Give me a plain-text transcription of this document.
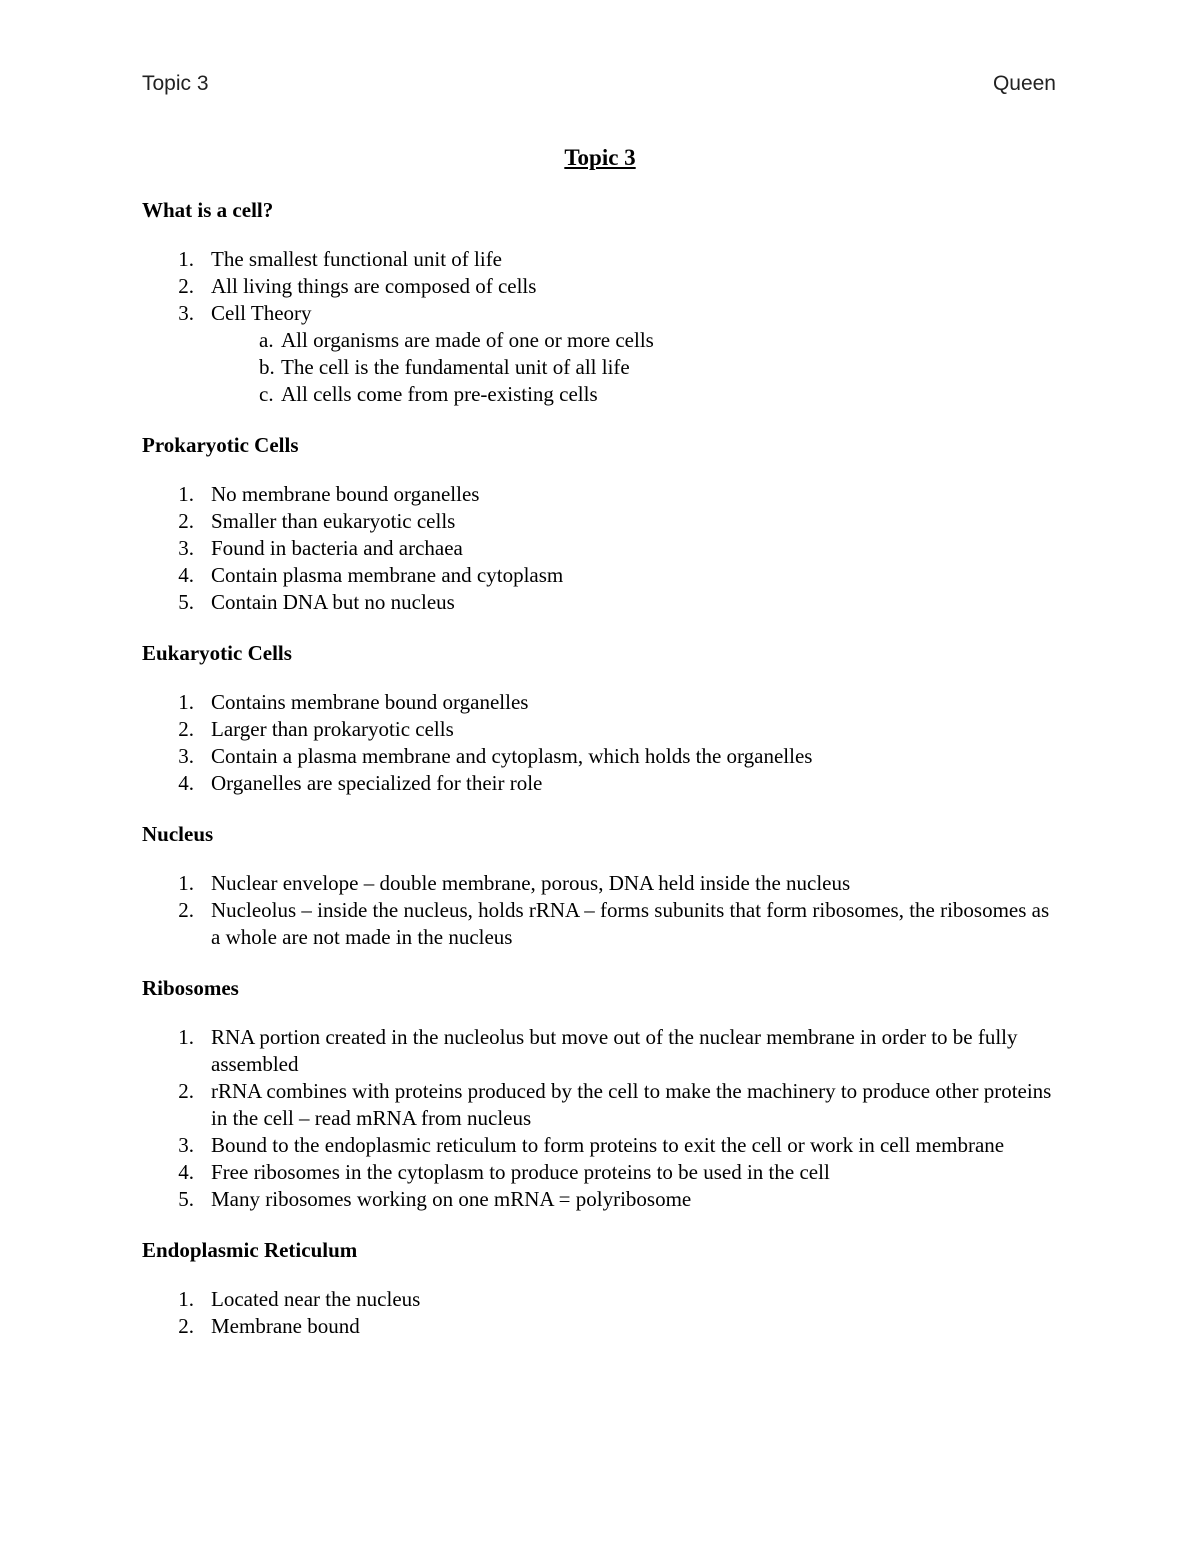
Topic 3	Queen
Topic 3
What is a cell?
1. The smallest functional unit of life
2. All living things are composed of cells
3. Cell Theory
a. All organisms are made of one or more cells
b. The cell is the fundamental unit of all life
c. All cells come from pre-existing cells
Prokaryotic Cells
1. No membrane bound organelles
2. Smaller than eukaryotic cells
3. Found in bacteria and archaea
4. Contain plasma membrane and cytoplasm
5. Contain DNA but no nucleus
Eukaryotic Cells
1. Contains membrane bound organelles
2. Larger than prokaryotic cells
3. Contain a plasma membrane and cytoplasm, which holds the organelles
4. Organelles are specialized for their role
Nucleus
1. Nuclear envelope – double membrane, porous, DNA held inside the nucleus
2. Nucleolus – inside the nucleus, holds rRNA – forms subunits that form ribosomes, the ribosomes as a whole are not made in the nucleus
Ribosomes
1. RNA portion created in the nucleolus but move out of the nuclear membrane in order to be fully assembled
2. rRNA combines with proteins produced by the cell to make the machinery to produce other proteins in the cell – read mRNA from nucleus
3. Bound to the endoplasmic reticulum to form proteins to exit the cell or work in cell membrane
4. Free ribosomes in the cytoplasm to produce proteins to be used in the cell
5. Many ribosomes working on one mRNA = polyribosome
Endoplasmic Reticulum
1. Located near the nucleus
2. Membrane bound
